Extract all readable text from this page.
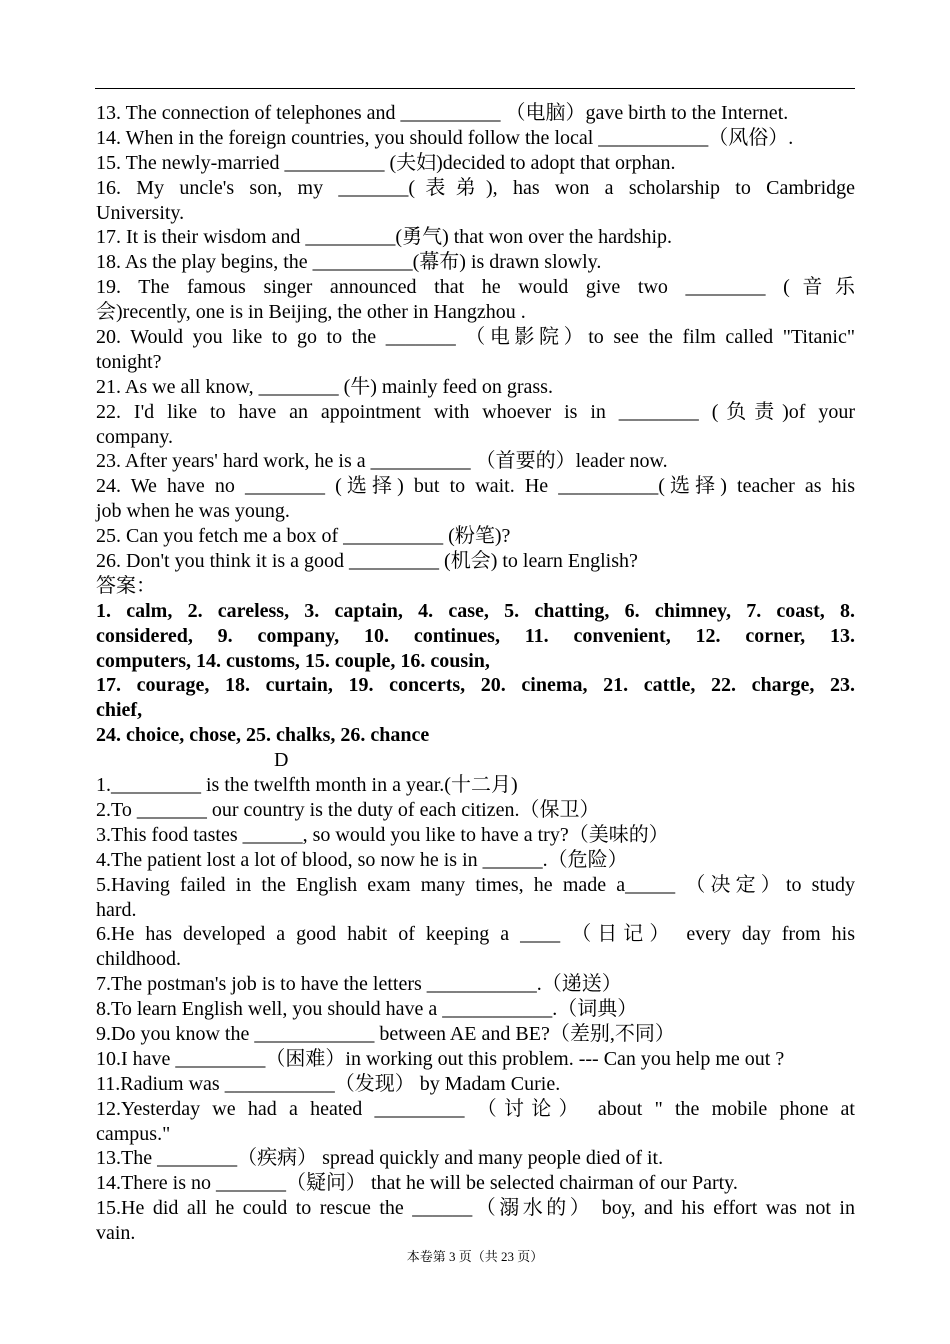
13. The connection of telephones and __________ （电脑）gave birth to the Internet.
14. When in the foreign countries, you should follow the local ___________（风俗）.
15. The newly-married __________ (夫妇)decided to adopt that orphan.
16. My uncle's son, my _______(表弟), has won a scholarship to Cambridge
University.
17. It is their wisdom and _________(勇气) that won over the hardship.
18. As the play begins, the __________(幕布) is drawn slowly.
19. The famous singer announced that he would give two ________ (音乐
会)recently, one is in Beijing, the other in Hangzhou .
20. Would you like to go to the _______ （电影院）to see the film called "Titanic"
tonight?
21. As we all know, ________ (牛) mainly feed on grass.
22. I'd like to have an appointment with whoever is in ________ (负责)of your
company.
23. After years' hard work, he is a __________ （首要的）leader now.
24. We have no ________ (选择) but to wait. He __________(选择) teacher as his
job when he was young.
25. Can you fetch me a box of __________ (粉笔)?
26. Don't you think it is a good _________ (机会) to learn English?
答案：
1. calm, 2. careless, 3. captain, 4. case, 5. chatting, 6. chimney, 7. coast, 8.
considered, 9. company, 10. continues, 11. convenient, 12. corner, 13.
computers, 14. customs, 15. couple, 16. cousin,
17. courage, 18. curtain, 19. concerts, 20. cinema, 21. cattle, 22. charge, 23.
chief,
24. choice, chose, 25. chalks, 26. chance
D
1._________ is the twelfth month in a year.(十二月)
2.To _______ our country is the duty of each citizen.（保卫）
3.This food tastes ______, so would you like to have a try?（美味的）
4.The patient lost a lot of blood, so now he is in ______.（危险）
5.Having failed in the English exam many times, he made a_____ （决定）to study
hard.
6.He has developed a good habit of keeping a ____ （日记） every day from his
childhood.
7.The postman's job is to have the letters ___________.（递送）
8.To learn English well, you should have a ___________.（词典）
9.Do you know the ____________ between AE and BE?（差别,不同）
10.I have _________（困难）in working out this problem. --- Can you help me out ?
11.Radium was ___________（发现） by Madam Curie.
12.Yesterday we had a heated _________ （讨论） about " the mobile phone at
campus."
13.The ________（疾病） spread quickly and many people died of it.
14.There is no _______（疑问） that he will be selected chairman of our Party.
15.He did all he could to rescue the ______（溺水的） boy, and his effort was not in
vain.
本卷第 3 页（共 23 页）
